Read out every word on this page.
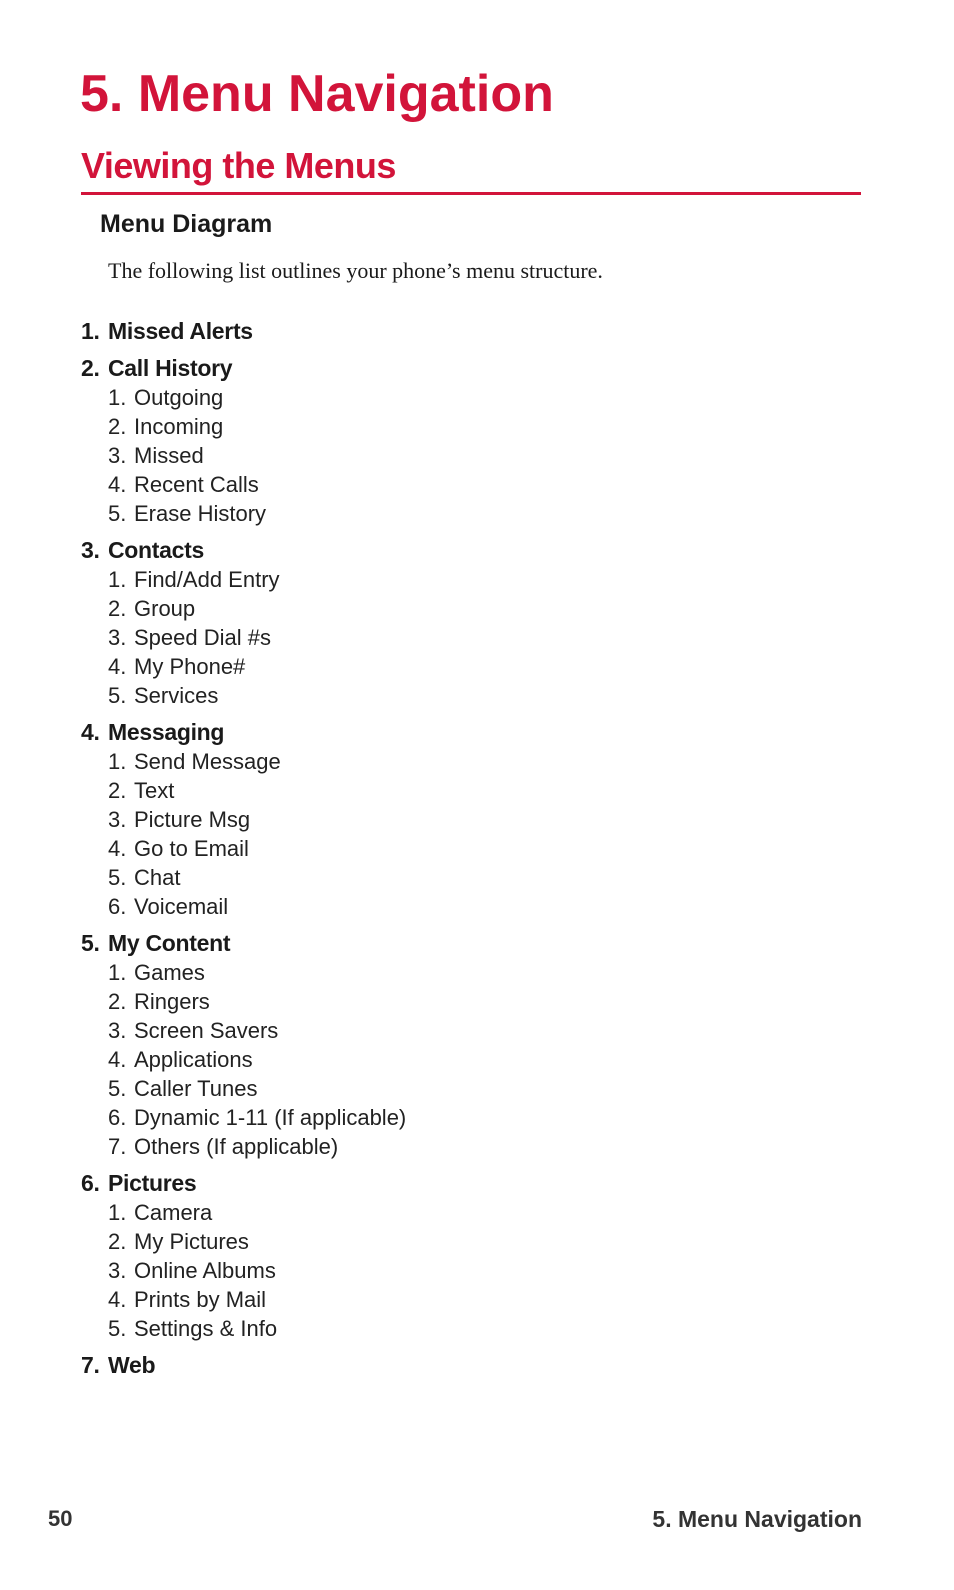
5. Menu Navigation
Viewing the Menus
Menu Diagram

The following list outlines your phone’s menu structure.

1. Missed Alerts
2. Call History
1. Outgoing
2. Incoming
3. Missed
4. Recent Calls
5. Erase History
3. Contacts
1. Find/Add Entry
2. Group
3. Speed Dial #s
4. My Phone#
5. Services
4. Messaging
1. Send Message
2. Text
3. Picture Msg
4. Go to Email
5. Chat
6. Voicemail
5. My Content
1. Games
2. Ringers
3. Screen Savers
4. Applications
5. Caller Tunes
6. Dynamic 1-11 (If applicable)
7. Others (If applicable)
6. Pictures
1. Camera
2. My Pictures
3. Online Albums
4. Prints by Mail
5. Settings & Info
7. Web
50	5. Menu Navigation
